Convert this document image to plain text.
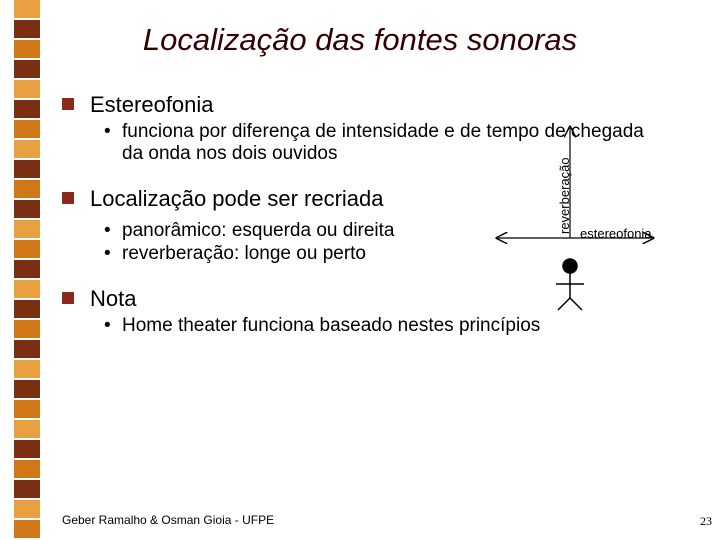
Localização das fontes sonoras
Estereofonia
• funciona por diferença de intensidade e de tempo de chegada da onda nos dois ouvidos
Localização pode ser recriada
• panorâmico: esquerda ou direita
• reverberação: longe ou perto
Nota
• Home theater funciona baseado nestes princípios
reverberação estereofonia
Geber Ramalho & Osman Gioia - UFPE	23
